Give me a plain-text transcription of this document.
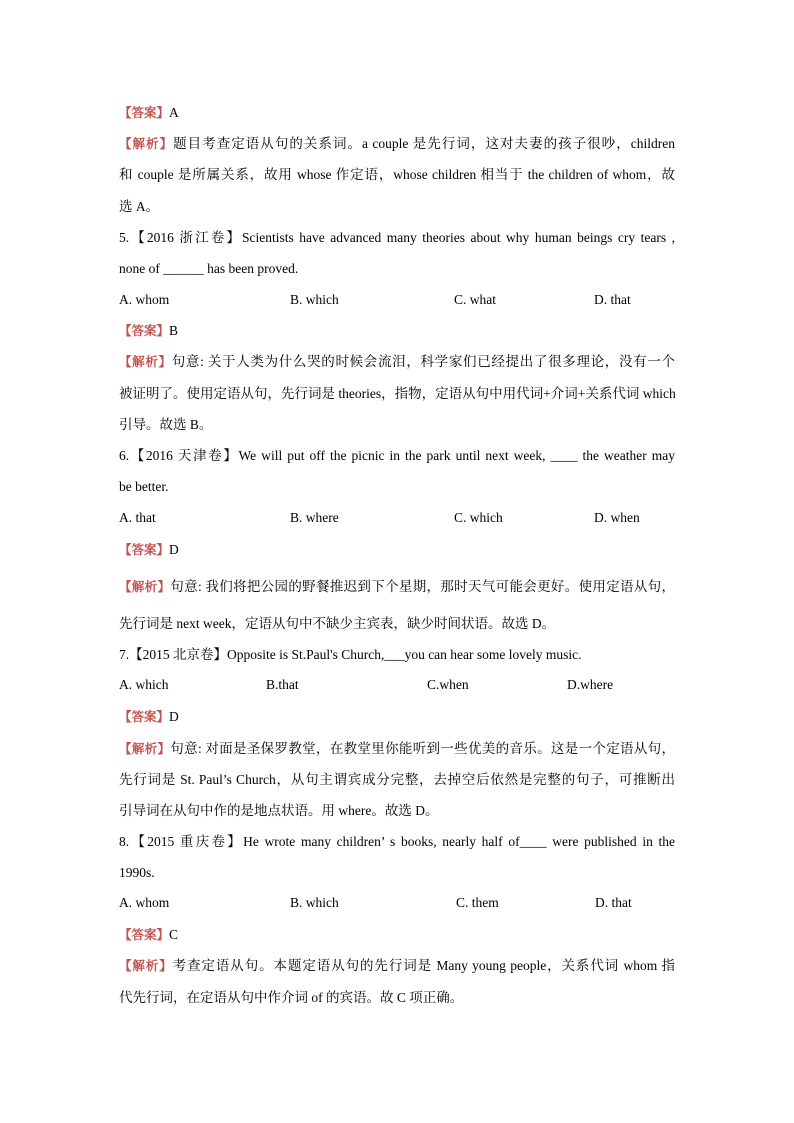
【答案】A
【解析】题目考查定语从句的关系词。a couple 是先行词，这对夫妻的孩子很吵，children
和 couple 是所属关系，故用 whose 作定语，whose children 相当于 the children of whom，故
选 A。
5.【2016 浙江卷】Scientists have advanced many theories about why human beings cry tears ,
none of ______ has been proved.
A. whom	B. which	C. what	D. that
【答案】B
【解析】句意: 关于人类为什么哭的时候会流泪，科学家们已经提出了很多理论，没有一个
被证明了。使用定语从句，先行词是 theories，指物，定语从句中用代词+介词+关系代词 which
引导。故选 B。
6.【2016 天津卷】We will put off the picnic in the park until next week, ____ the weather may
be better.
A. that	B. where	C. which	D. when
【答案】D
【解析】句意: 我们将把公园的野餐推迟到下个星期，那时天气可能会更好。使用定语从句，
先行词是 next week，定语从句中不缺少主宾表，缺少时间状语。故选 D。
7.【2015 北京卷】Opposite is St.Paul's Church,___you can hear some lovely music.
A. which	B.that	C.when	D.where
【答案】D
【解析】句意: 对面是圣保罗教堂，在教堂里你能听到一些优美的音乐。这是一个定语从句，
先行词是 St. Paul’s Church，从句主谓宾成分完整，去掉空后依然是完整的句子，可推断出
引导词在从句中作的是地点状语。用 where。故选 D。
8.【2015 重庆卷】He wrote many children’ s books, nearly half of____ were published in the
1990s.
A. whom	B. which	C. them	D. that
【答案】C
【解析】考查定语从句。本题定语从句的先行词是 Many young people，关系代词 whom 指
代先行词，在定语从句中作介词 of 的宾语。故 C 项正确。
